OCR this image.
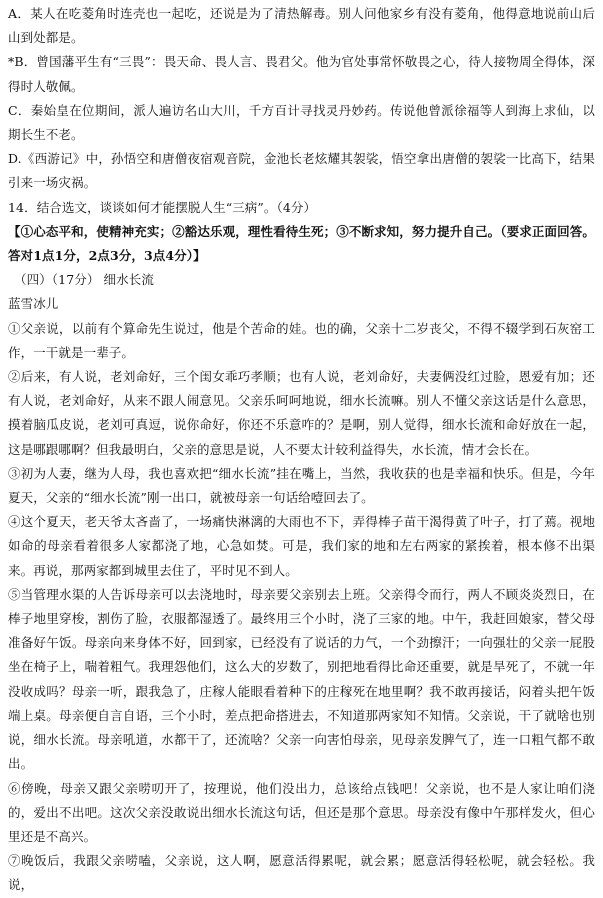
A．某人在吃菱角时连壳也一起吃，还说是为了清热解毒。别人问他家乡有没有菱角，他得意地说前山后山到处都是。

*B．曾国藩平生有“三畏”：畏天命、畏人言、畏君父。他为官处事常怀敬畏之心，待人接物周全得体，深得时人敬佩。

C．秦始皇在位期间，派人遍访名山大川，千方百计寻找灵丹妙药。传说他曾派徐福等人到海上求仙，以期长生不老。

D.《西游记》中，孙悟空和唐僧夜宿观音院，金池长老炫耀其袈裟，悟空拿出唐僧的袈裟一比高下，结果引来一场灾祸。

14．结合选文，谈谈如何才能摆脱人生“三病”。（4分）

【①心态平和，使精神充实；②豁达乐观，理性看待生死；③不断求知，努力提升自己。（要求正面回答。答对1点1分，2点3分，3点4分）】

（四）（17分） 细水长流

蓝雪冰儿

①父亲说，以前有个算命先生说过，他是个苦命的娃。也的确，父亲十二岁丧父，不得不辍学到石灰窑工作，一干就是一辈子。

②后来，有人说，老刘命好，三个闺女乖巧孝顺；也有人说，老刘命好，夫妻俩没红过脸，恩爱有加；还有人说，老刘命好，从来不跟人闹意见。父亲乐呵呵地说，细水长流嘛。别人不懂父亲这话是什么意思，摸着脑瓜皮说，老刘可真逗，说你命好，你还不乐意咋的？是啊，别人觉得，细水长流和命好放在一起，这是哪跟哪啊？但我最明白，父亲的意思是说，人不要太计较利益得失，水长流，情才会长在。

③初为人妻，继为人母，我也喜欢把“细水长流”挂在嘴上，当然，我收获的也是幸福和快乐。但是，今年夏天，父亲的“细水长流”刚一出口，就被母亲一句话给噎回去了。

④这个夏天，老天爷太吝啬了，一场痛快淋漓的大雨也不下，弄得棒子苗干渴得黄了叶子，打了蔫。视地如命的母亲看着很多人家都浇了地，心急如焚。可是，我们家的地和左右两家的紧挨着，根本修不出渠来。再说，那两家都到城里去住了，平时见不到人。

⑤当管理水渠的人告诉母亲可以去浇地时，母亲要父亲别去上班。父亲得令而行，两人不顾炎炎烈日，在棒子地里穿梭，割伤了脸，衣服都湿透了。最终用三个小时，浇了三家的地。中午，我赶回娘家，替父母准备好午饭。母亲向来身体不好，回到家，已经没有了说话的力气，一个劲擦汗；一向强壮的父亲一屁股坐在椅子上，喘着粗气。我理怨他们，这么大的岁数了，别把地看得比命还重要，就是旱死了，不就一年没收成吗？母亲一听，跟我急了，庄稼人能眼看着种下的庄稼死在地里啊？我不敢再接话，闷着头把午饭端上桌。母亲便自言自语，三个小时，差点把命搭进去，不知道那两家知不知情。父亲说，干了就啥也别说，细水长流。母亲吼道，水都干了，还流啥？父亲一向害怕母亲，见母亲发脾气了，连一口粗气都不敢出。

⑥傍晚，母亲又跟父亲唠叨开了，按理说，他们没出力，总该给点钱吧！父亲说，也不是人家让咱们浇的，爱出不出吧。这次父亲没敢说出细水长流这句话，但还是那个意思。母亲没有像中午那样发火，但心里还是不高兴。

⑦晚饭后，我跟父亲唠嗑，父亲说，这人啊，愿意活得累呢，就会累；愿意活得轻松呢，就会轻松。我说，
